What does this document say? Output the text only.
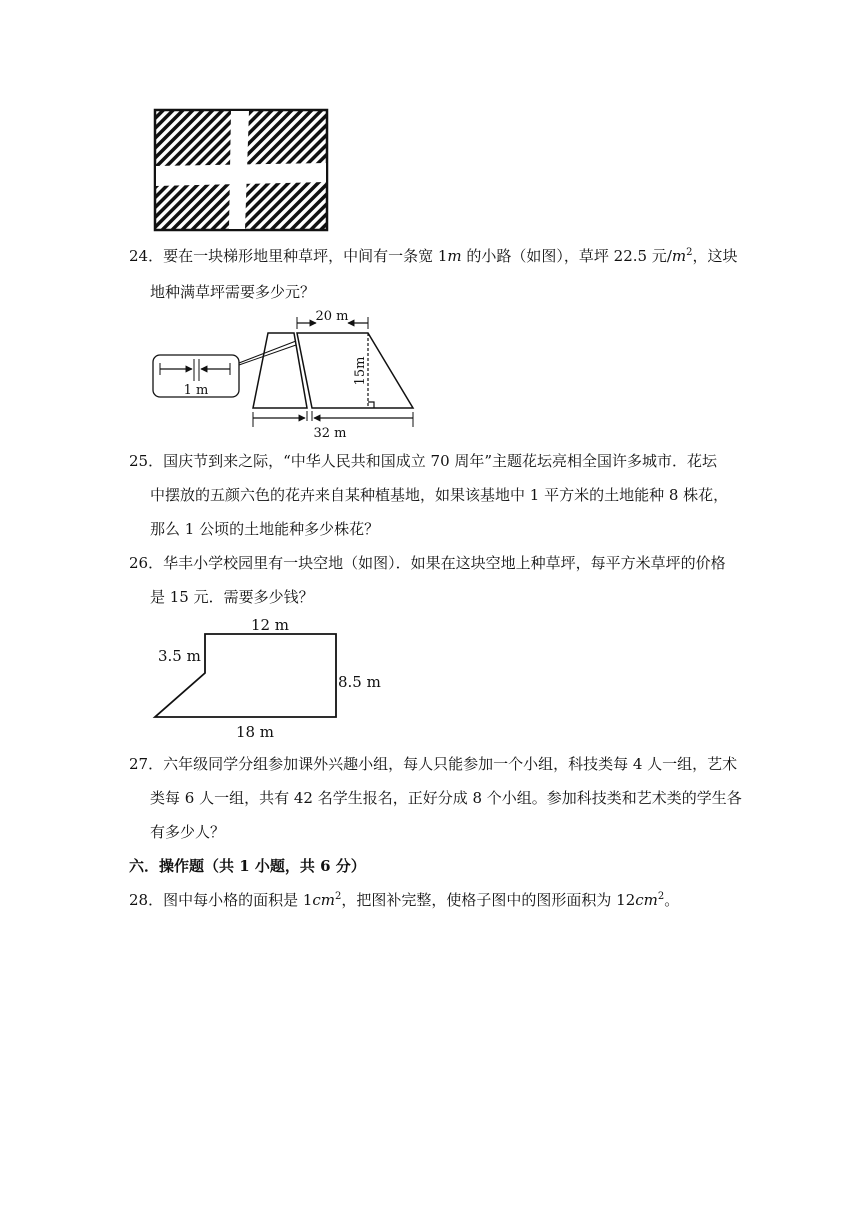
24．要在一块梯形地里种草坪，中间有一条宽 1m 的小路（如图），草坪 22.5 元$/m^2$，这块
地种满草坪需要多少元？
20 m
15m
32 m
1 m
25．国庆节到来之际，“中华人民共和国成立 70 周年”主题花坛亮相全国许多城市．花坛
中摆放的五颜六色的花卉来自某种植基地，如果该基地中 1 平方米的土地能种 8 株花，
那么 1 公顷的土地能种多少株花？
26．华丰小学校园里有一块空地（如图）．如果在这块空地上种草坪，每平方米草坪的价格
是 15 元．需要多少钱？
12 m
3.5 m
8.5 m
18 m
27．六年级同学分组参加课外兴趣小组，每人只能参加一个小组，科技类每 4 人一组，艺术
类每 6 人一组，共有 42 名学生报名，正好分成 8 个小组。参加科技类和艺术类的学生各
有多少人？
六．操作题（共 1 小题，共 6 分）
28．图中每小格的面积是 $1cm^2$，把图补完整，使格子图中的图形面积为 $12cm^2$。
